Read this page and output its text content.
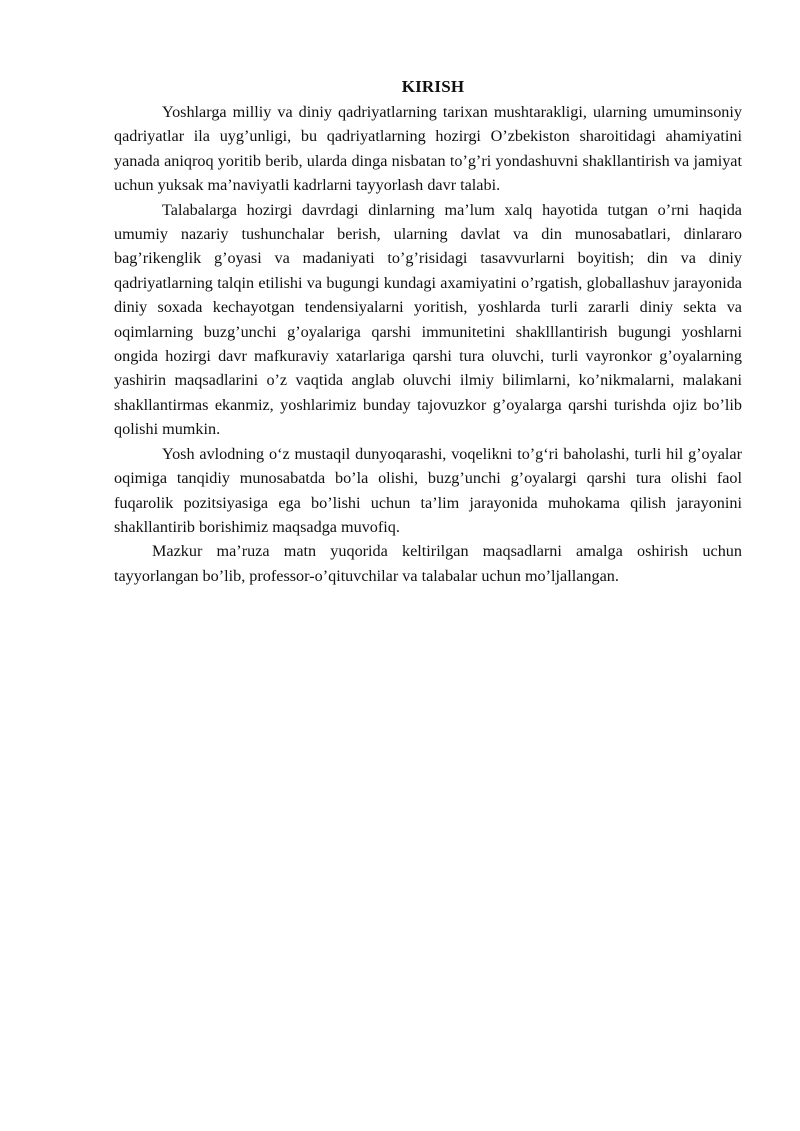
KIRISH

Yoshlarga milliy va diniy qadriyatlarning tarixan mushtarakligi, ularning umuminsoniy qadriyatlar ila uyg’unligi, bu qadriyatlarning hozirgi O’zbekiston sharoitidagi ahamiyatini yanada aniqroq yoritib berib, ularda dinga nisbatan to’g’ri yondashuvni shakllantirish va jamiyat uchun yuksak ma’naviyatli kadrlarni tayyorlash davr talabi.

Talabalarga hozirgi davrdagi dinlarning ma’lum xalq hayotida tutgan o’rni haqida umumiy nazariy tushunchalar berish, ularning davlat va din munosabatlari, dinlararo bag’rikenglik g’oyasi va madaniyati to’g’risidagi tasavvurlarni boyitish; din va diniy qadriyatlarning talqin etilishi va bugungi kundagi axamiyatini o’rgatish, globallashuv jarayonida diniy soxada kechayotgan tendensiyalarni yoritish, yoshlarda turli zararli diniy sekta va oqimlarning buzg’unchi g’oyalariga qarshi immunitetini shaklllantirish bugungi yoshlarni ongida hozirgi davr mafkuraviy xatarlariga qarshi tura oluvchi, turli vayronkor g’oyalarning yashirin maqsadlarini o’z vaqtida anglab oluvchi ilmiy bilimlarni, ko’nikmalarni, malakani shakllantirmas ekanmiz, yoshlarimiz bunday tajovuzkor g’oyalarga qarshi turishda ojiz bo’lib qolishi mumkin.

Yosh avlodning o‘z mustaqil dunyoqarashi, voqelikni to’g‘ri baholashi, turli hil g’oyalar oqimiga tanqidiy munosabatda bo’la olishi, buzg’unchi g’oyalargi qarshi tura olishi faol fuqarolik pozitsiyasiga ega bo’lishi uchun ta’lim jarayonida muhokama qilish jarayonini shakllantirib borishimiz maqsadga muvofiq.

Mazkur ma’ruza matn yuqorida keltirilgan maqsadlarni amalga oshirish uchun tayyorlangan bo’lib, professor-o’qituvchilar va talabalar uchun mo’ljallangan.
